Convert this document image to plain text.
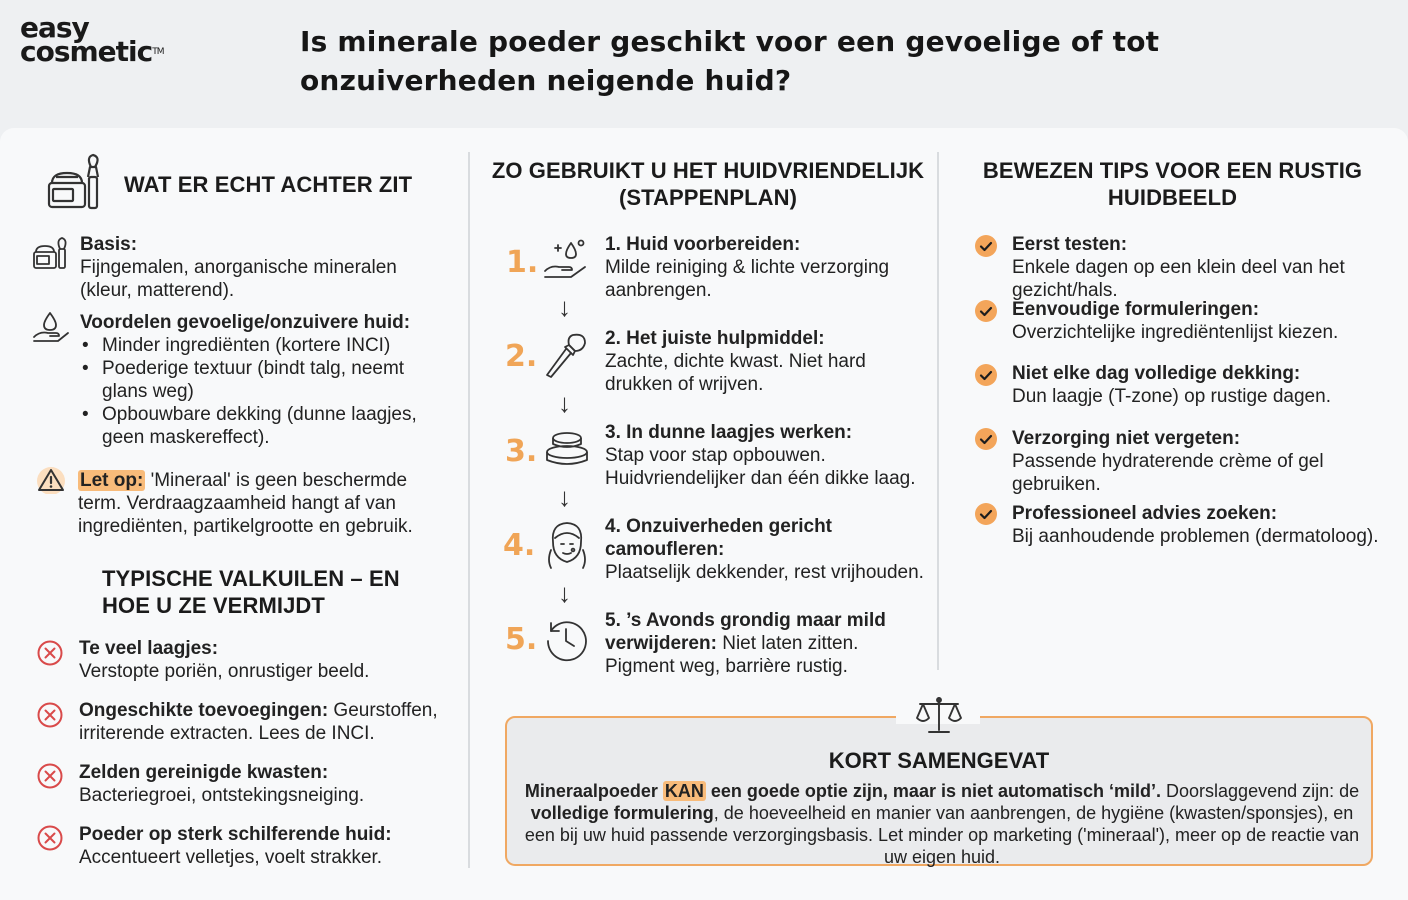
easy
cosmetic™	Is minerale poeder geschikt voor een gevoelige of tot onzuiverheden neigende huid?
WAT ER ECHT ACHTER ZIT
Basis:
Fijngemalen, anorganische mineralen (kleur, matterend).
Voordelen gevoelige/onzuivere huid:
• Minder ingrediënten (kortere INCI)
• Poederige textuur (bindt talg, neemt glans weg)
• Opbouwbare dekking (dunne laagjes, geen maskereffect).
Let op: 'Mineraal' is geen beschermde term. Verdraagzaamheid hangt af van ingrediënten, partikelgrootte en gebruik.
TYPISCHE VALKUILEN – EN HOE U ZE VERMIJDT
Te veel laagjes:
Verstopte poriën, onrustiger beeld.
Ongeschikte toevoegingen: Geurstoffen, irriterende extracten. Lees de INCI.
Zelden gereinigde kwasten:
Bacteriegroei, ontstekingsneiging.
Poeder op sterk schilferende huid:
Accentueert velletjes, voelt strakker.
ZO GEBRUIKT U HET HUIDVRIENDELIJK (STAPPENPLAN)
1.
↓
1. Huid voorbereiden:
Milde reiniging & lichte verzorging aanbrengen.
2.
↓
2. Het juiste hulpmiddel:
Zachte, dichte kwast. Niet hard drukken of wrijven.
3.
↓
3. In dunne laagjes werken:
Stap voor stap opbouwen. Huidvriendelijker dan één dikke laag.
4.
↓
4. Onzuiverheden gericht camoufleren:
Plaatselijk dekkender, rest vrijhouden.
5.
5. ’s Avonds grondig maar mild verwijderen: Niet laten zitten. Pigment weg, barrière rustig.
BEWEZEN TIPS VOOR EEN RUSTIG HUIDBEELD
Eerst testen:
Enkele dagen op een klein deel van het gezicht/hals.
Eenvoudige formuleringen:
Overzichtelijke ingrediëntenlijst kiezen.
Niet elke dag volledige dekking:
Dun laagje (T-zone) op rustige dagen.
Verzorging niet vergeten:
Passende hydraterende crème of gel gebruiken.
Professioneel advies zoeken:
Bij aanhoudende problemen (dermatoloog).
KORT SAMENGEVAT
Mineraalpoeder KAN een goede optie zijn, maar is niet automatisch ‘mild’. Doorslaggevend zijn: de volledige formulering, de hoeveelheid en manier van aanbrengen, de hygiëne (kwasten/sponsjes), en een bij uw huid passende verzorgingsbasis. Let minder op marketing ('mineraal'), meer op de reactie van uw eigen huid.
